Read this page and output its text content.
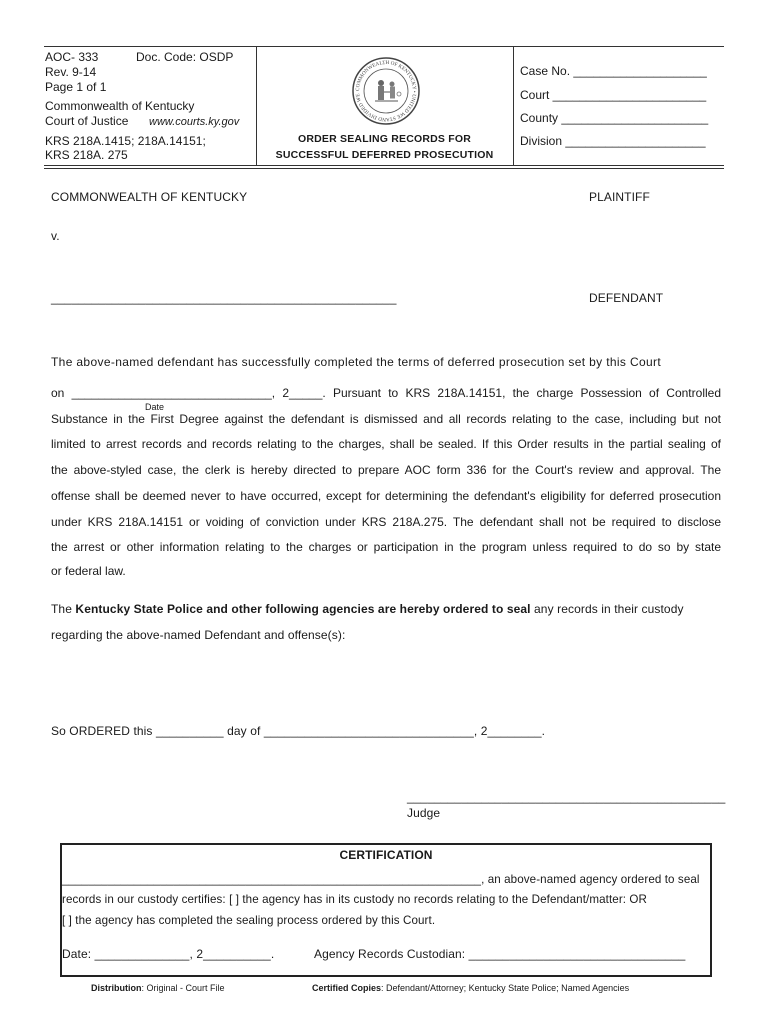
AOC- 333	Doc. Code: OSDP
Rev. 9-14
Page 1 of 1
Commonwealth of Kentucky
Court of Justice www.courts.ky.gov
KRS 218A.1415; 218A.14151;
KRS 218A. 275
COMMONWEALTH OF KENTUCKY • UNITED WE STAND DIVIDED WE
ORDER SEALING RECORDS FOR
SUCCESSFUL DEFERRED PROSECUTION
Case No. ____________________
Court _______________________
County ______________________
Division _____________________
COMMONWEALTH OF KENTUCKY	PLAINTIFF
v.
___________________________________________________	DEFENDANT
The above-named defendant has successfully completed the terms of deferred prosecution set by this Court
on ______________________________, 2_____. Pursuant to KRS 218A.14151, the charge Possession of Controlled
Substance in the First Degree against the defendant is dismissed and all records relating to the case, including but not
limited to arrest records and records relating to the charges, shall be sealed. If this Order results in the partial sealing of
the above-styled case, the clerk is hereby directed to prepare AOC form 336 for the Court's review and approval. The
offense shall be deemed never to have occurred, except for determining the defendant's eligibility for deferred prosecution
under KRS 218A.14151 or voiding of conviction under KRS 218A.275. The defendant shall not be required to disclose
the arrest or other information relating to the charges or participation in the program unless required to do so by state
or federal law.
Date
The Kentucky State Police and other following agencies are hereby ordered to seal any records in their custody
regarding the above-named Defendant and offense(s):
So ORDERED this __________ day of _______________________________, 2________.
_______________________________________________
Judge
CERTIFICATION
________________________________________________________________, an above-named agency ordered to seal
records in our custody certifies: [ ] the agency has in its custody no records relating to the Defendant/matter: OR
[ ] the agency has completed the sealing process ordered by this Court.
Date: ______________, 2__________.	Agency Records Custodian: ________________________________
Distribution: Original - Court File	Certified Copies: Defendant/Attorney; Kentucky State Police; Named Agencies
